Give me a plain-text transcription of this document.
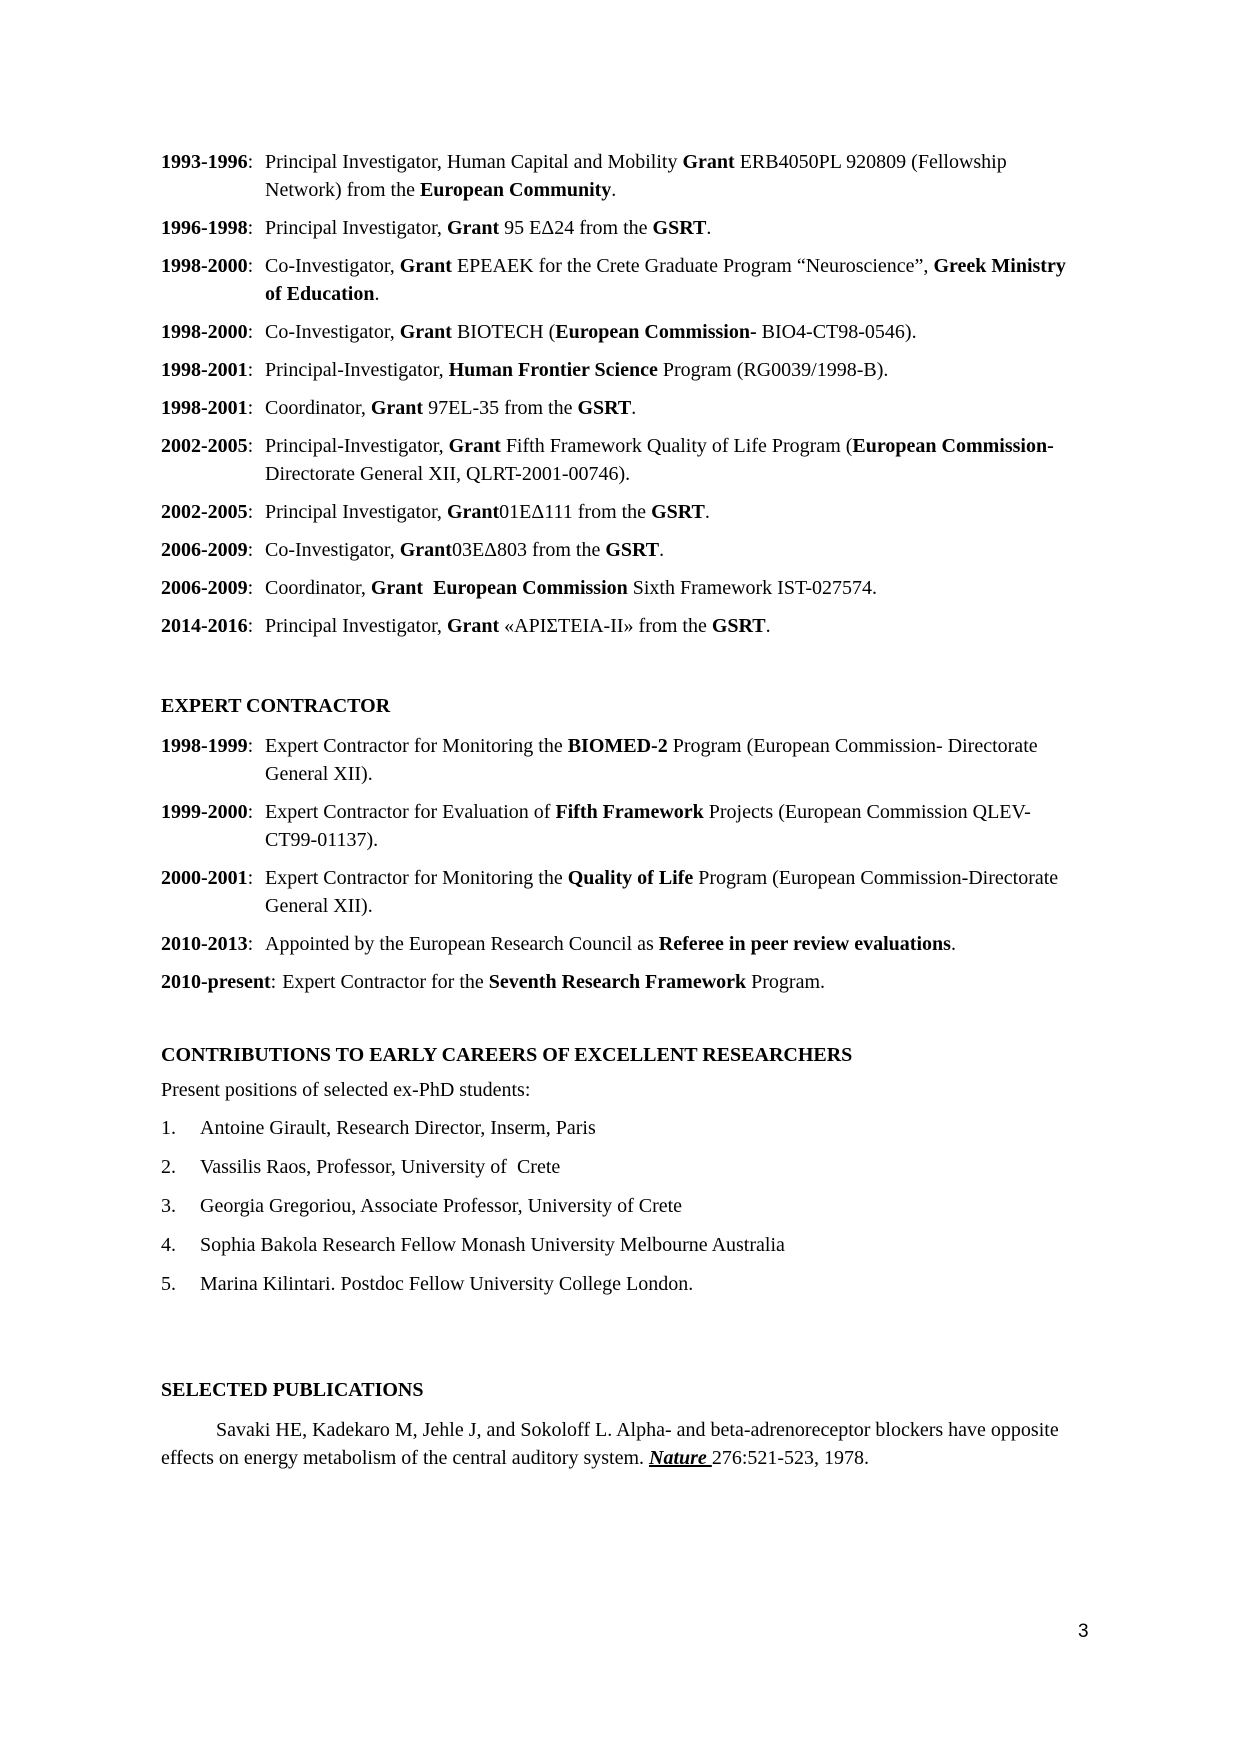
1993-1996: Principal Investigator, Human Capital and Mobility Grant ERB4050PL 920809 (Fellowship Network) from the European Community.
1996-1998: Principal Investigator, Grant 95 EΔ24 from the GSRT.
1998-2000: Co-Investigator, Grant EPEAEK for the Crete Graduate Program “Neuroscience”, Greek Ministry of Education.
1998-2000: Co-Investigator, Grant BIOTECH (European Commission- BIO4-CT98-0546).
1998-2001: Principal-Investigator, Human Frontier Science Program (RG0039/1998-B).
1998-2001: Coordinator, Grant 97EL-35 from the GSRT.
2002-2005: Principal-Investigator, Grant Fifth Framework Quality of Life Program (European Commission- Directorate General XII, QLRT-2001-00746).
2002-2005: Principal Investigator, Grant01EΔ111 from the GSRT.
2006-2009: Co-Investigator, Grant03EΔ803 from the GSRT.
2006-2009: Coordinator, Grant  European Commission Sixth Framework IST-027574.
2014-2016: Principal Investigator, Grant «ΑΡΙΣΤΕΙΑ-ΙΙ» from the GSRT.
EXPERT CONTRACTOR
1998-1999: Expert Contractor for Monitoring the BIOMED-2 Program (European Commission- Directorate General XII).
1999-2000: Expert Contractor for Evaluation of Fifth Framework Projects (European Commission QLEV-CT99-01137).
2000-2001: Expert Contractor for Monitoring the Quality of Life Program (European Commission-Directorate General XII).
2010-2013: Appointed by the European Research Council as Referee in peer review evaluations.
2010-present: Expert Contractor for the Seventh Research Framework Program.
CONTRIBUTIONS TO EARLY CAREERS OF EXCELLENT RESEARCHERS

Present positions of selected ex-PhD students:

1.	Antoine Girault, Research Director, Inserm, Paris
2.	Vassilis Raos, Professor, University of  Crete
3.	Georgia Gregoriou, Associate Professor, University of Crete
4.	Sophia Bakola Research Fellow Monash University Melbourne Australia
5.	Marina Kilintari. Postdoc Fellow University College London.
SELECTED PUBLICATIONS

Savaki HE, Kadekaro M, Jehle J, and Sokoloff L. Alpha- and beta-adrenoreceptor blockers have opposite effects on energy metabolism of the central auditory system. Nature 276:521-523, 1978.

3
